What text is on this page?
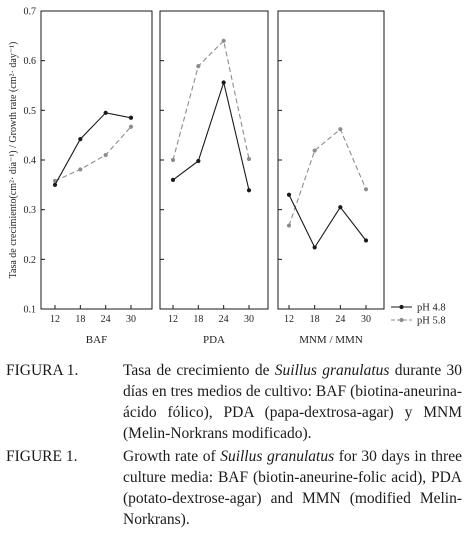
Tasa de crecimiento(cm²· día⁻¹) / Growth rate (cm²· day⁻¹)
0.1
0.2
0.3
0.4
0.5
0.6
0.7
12 18 24 30
BAF
12 18 24 30
PDA
12 18 24 30
MNM / MMN
pH 4.8
pH 5.8
FIGURA 1.	Tasa de crecimiento de Suillus granulatus durante 30 días en tres medios de cultivo: BAF (biotina-aneurina-ácido fólico), PDA (papa-dextrosa-agar) y MNM (Melin-Norkrans modificado).
FIGURE 1.	Growth rate of Suillus granulatus for 30 days in three culture media: BAF (biotin-aneurine-folic acid), PDA (potato-dextrose-agar) and MMN (modified Melin-Norkrans).
